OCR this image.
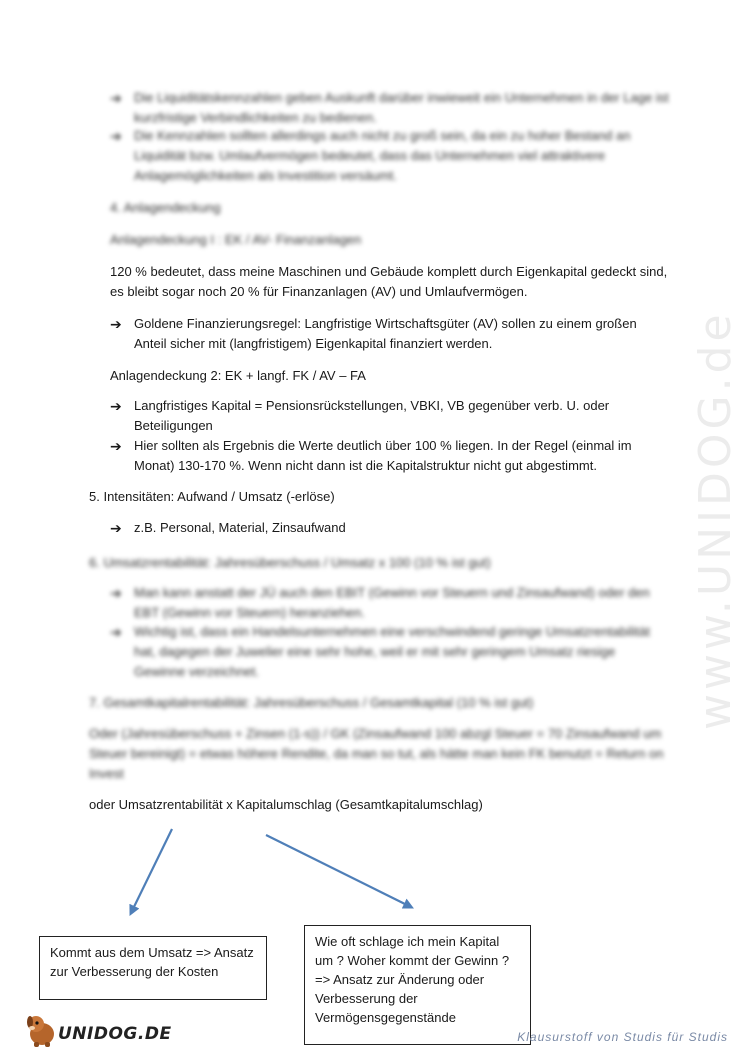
www.UNIDOG.de
➔ Die Liquiditätskennzahlen geben Auskunft darüber inwieweit ein Unternehmen in der Lage ist kurzfristige Verbindlichkeiten zu bedienen.
➔ Die Kennzahlen sollten allerdings auch nicht zu groß sein, da ein zu hoher Bestand an Liquidität bzw. Umlaufvermögen bedeutet, dass das Unternehmen viel attraktivere Anlagemöglichkeiten als Investition versäumt.
4. Anlagendeckung
Anlagendeckung I : EK / AV- Finanzanlagen
120 % bedeutet, dass meine Maschinen und Gebäude komplett durch Eigenkapital gedeckt sind, es bleibt sogar noch 20 % für Finanzanlagen (AV) und Umlaufvermögen.
➔ Goldene Finanzierungsregel: Langfristige Wirtschaftsgüter (AV) sollen zu einem großen Anteil sicher mit (langfristigem) Eigenkapital finanziert werden.
Anlagendeckung 2: EK + langf. FK / AV – FA
➔ Langfristiges Kapital = Pensionsrückstellungen, VBKI, VB gegenüber verb. U. oder Beteiligungen
➔ Hier sollten als Ergebnis die Werte deutlich über 100 % liegen. In der Regel (einmal im Monat) 130-170 %. Wenn nicht dann ist die Kapitalstruktur nicht gut abgestimmt.
5. Intensitäten: Aufwand / Umsatz (-erlöse)
➔ z.B. Personal, Material, Zinsaufwand
6. Umsatzrentabilität: Jahresüberschuss / Umsatz x 100 (10 % ist gut)
➔ Man kann anstatt der JÜ auch den EBIT (Gewinn vor Steuern und Zinsaufwand) oder den EBT (Gewinn vor Steuern) heranziehen.
➔ Wichtig ist, dass ein Handelsunternehmen eine verschwindend geringe Umsatzrentabilität hat, dagegen der Juwelier eine sehr hohe, weil er mit sehr geringem Umsatz riesige Gewinne verzeichnet.
7. Gesamtkapitalrentabilität: Jahresüberschuss / Gesamtkapital (10 % ist gut)
Oder (Jahresüberschuss + Zinsen (1-s)) / GK (Zinsaufwand 100 abzgl Steuer = 70 Zinsaufwand um Steuer bereinigt) = etwas höhere Rendite, da man so tut, als hätte man kein FK benutzt = Return on Invest
oder Umsatzrentabilität x Kapitalumschlag (Gesamtkapitalumschlag)
Kommt aus dem Umsatz => Ansatz zur Verbesserung der Kosten
Wie oft schlage ich mein Kapital um ? Woher kommt der Gewinn ? => Ansatz zur Änderung oder Verbesserung der Vermögensgegenstände
UNIDOG.DE	Klausurstoff von Studis für Studis
